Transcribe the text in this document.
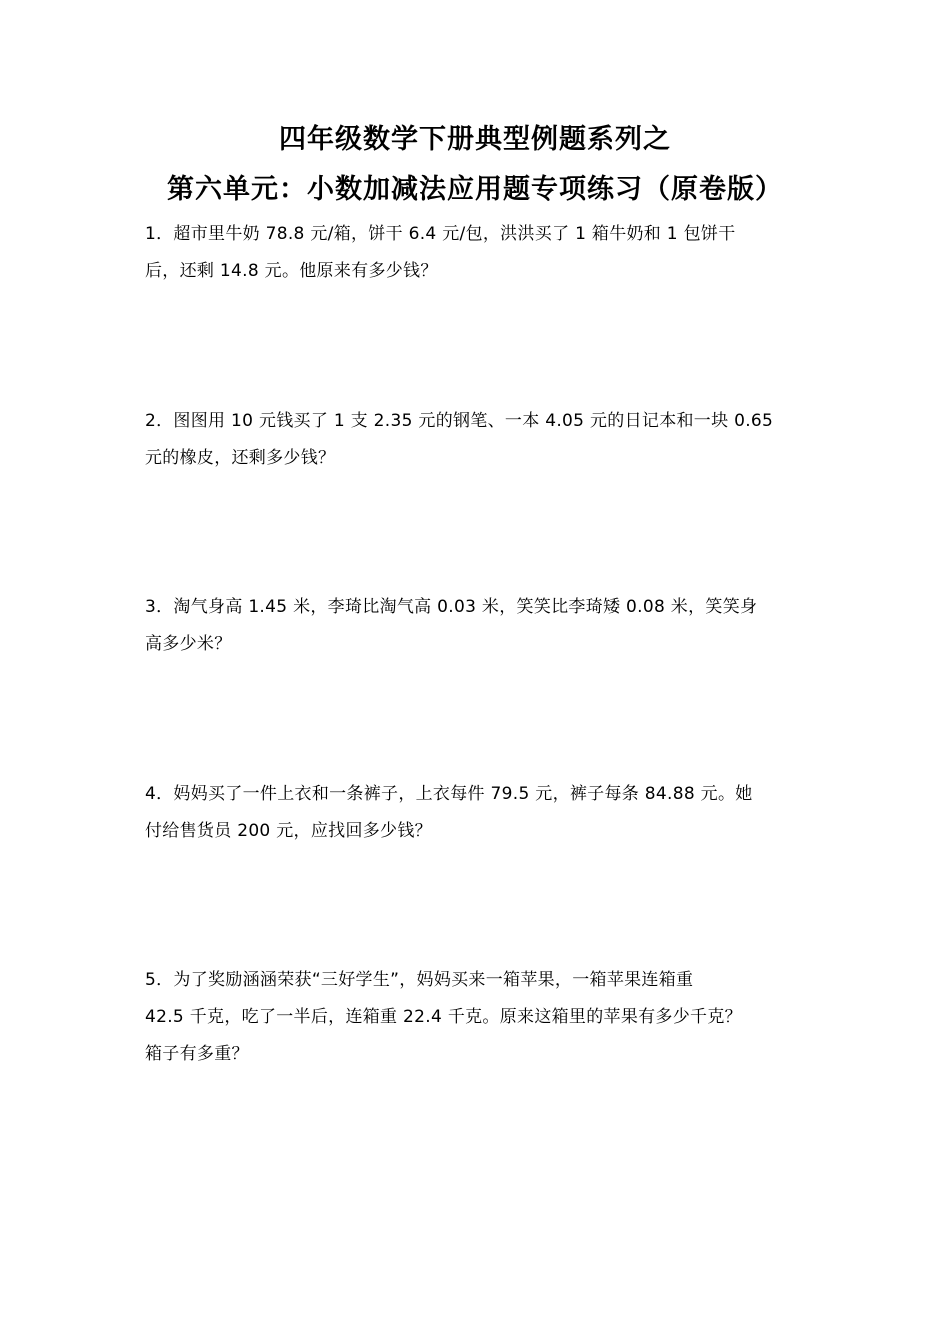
四年级数学下册典型例题系列之
第六单元：小数加减法应用题专项练习（原卷版）
1．超市里牛奶 78.8 元/箱，饼干 6.4 元/包，洪洪买了 1 箱牛奶和 1 包饼干
后，还剩 14.8 元。他原来有多少钱？
2．图图用 10 元钱买了 1 支 2.35 元的钢笔、一本 4.05 元的日记本和一块 0.65
元的橡皮，还剩多少钱？
3．淘气身高 1.45 米，李琦比淘气高 0.03 米，笑笑比李琦矮 0.08 米，笑笑身
高多少米？
4．妈妈买了一件上衣和一条裤子，上衣每件 79.5 元，裤子每条 84.88 元。她
付给售货员 200 元，应找回多少钱？
5．为了奖励涵涵荣获“三好学生”，妈妈买来一箱苹果，一箱苹果连箱重
42.5 千克，吃了一半后，连箱重 22.4 千克。原来这箱里的苹果有多少千克？
箱子有多重？
